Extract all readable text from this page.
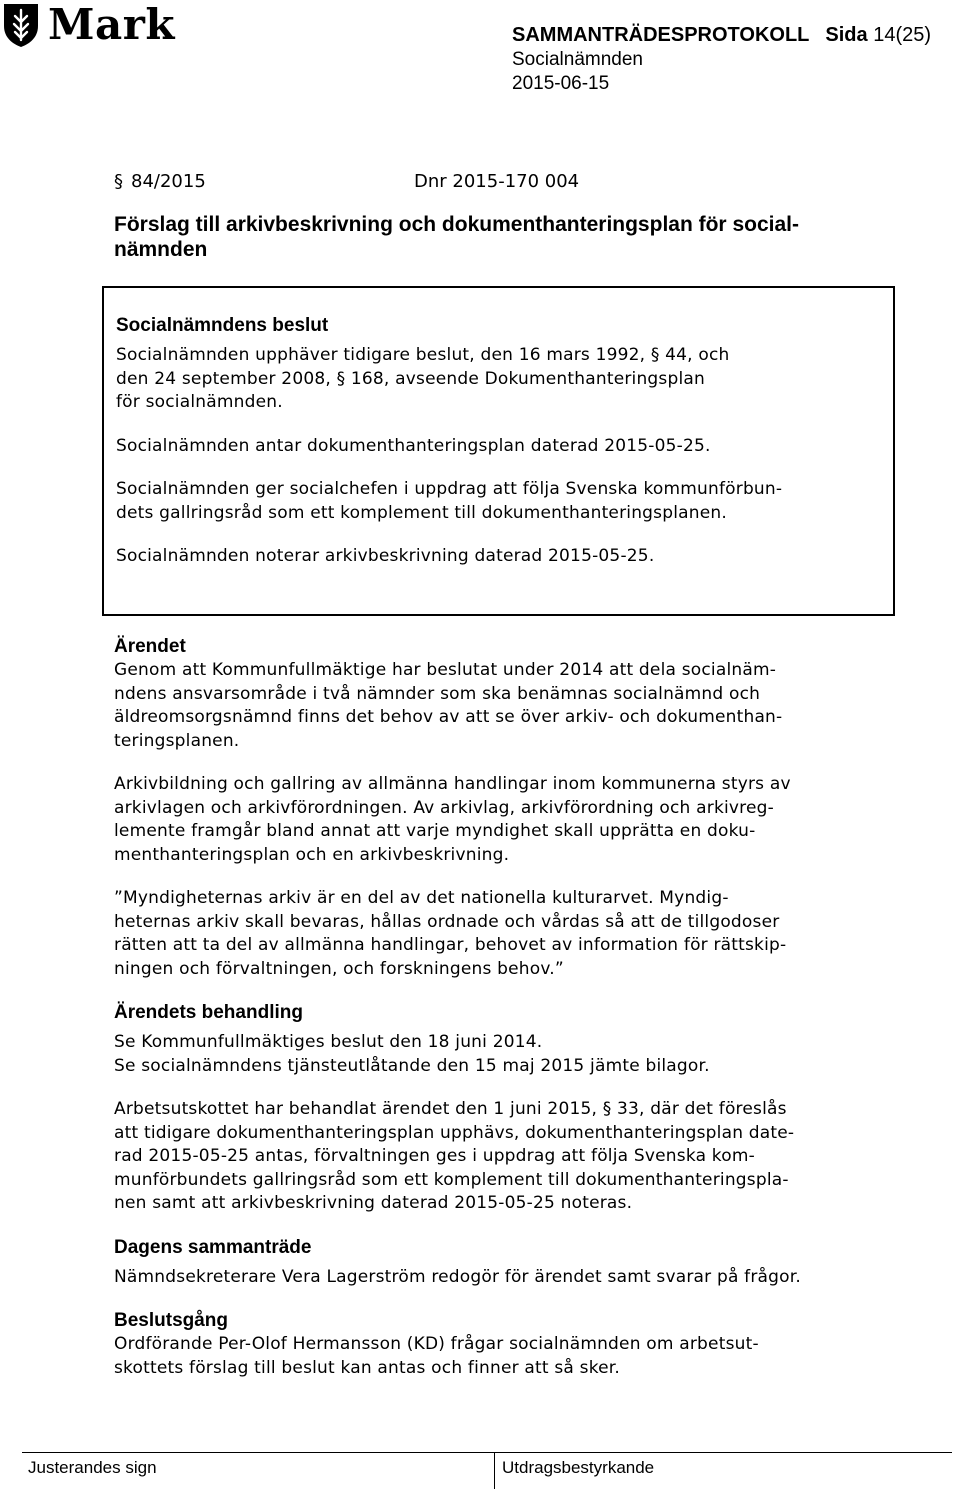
Mark	SAMMANTRÄDESPROTOKOLL Sida 14(25)
Socialnämnden
2015-06-15
§ 84/2015	Dnr 2015-170 004
Förslag till arkivbeskrivning och dokumenthanteringsplan för social-
nämnden
Socialnämndens beslut
Socialnämnden upphäver tidigare beslut, den 16 mars 1992, § 44, och
den 24 september 2008, § 168, avseende Dokumenthanteringsplan
för socialnämnden.
Socialnämnden antar dokumenthanteringsplan daterad 2015-05-25.
Socialnämnden ger socialchefen i uppdrag att följa Svenska kommunförbun-
dets gallringsråd som ett komplement till dokumenthanteringsplanen.
Socialnämnden noterar arkivbeskrivning daterad 2015-05-25.
Ärendet
Genom att Kommunfullmäktige har beslutat under 2014 att dela socialnäm-
ndens ansvarsområde i två nämnder som ska benämnas socialnämnd och
äldreomsorgsnämnd finns det behov av att se över arkiv- och dokumenthan-
teringsplanen.
Arkivbildning och gallring av allmänna handlingar inom kommunerna styrs av
arkivlagen och arkivförordningen. Av arkivlag, arkivförordning och arkivreg-
lemente framgår bland annat att varje myndighet skall upprätta en doku-
menthanteringsplan och en arkivbeskrivning.
”Myndigheternas arkiv är en del av det nationella kulturarvet. Myndig-
heternas arkiv skall bevaras, hållas ordnade och vårdas så att de tillgodoser
rätten att ta del av allmänna handlingar, behovet av information för rättskip-
ningen och förvaltningen, och forskningens behov.”
Ärendets behandling
Se Kommunfullmäktiges beslut den 18 juni 2014.
Se socialnämndens tjänsteutlåtande den 15 maj 2015 jämte bilagor.
Arbetsutskottet har behandlat ärendet den 1 juni 2015, § 33, där det föreslås
att tidigare dokumenthanteringsplan upphävs, dokumenthanteringsplan date-
rad 2015-05-25 antas, förvaltningen ges i uppdrag att följa Svenska kom-
munförbundets gallringsråd som ett komplement till dokumenthanteringspla-
nen samt att arkivbeskrivning daterad 2015-05-25 noteras.
Dagens sammanträde
Nämndsekreterare Vera Lagerström redogör för ärendet samt svarar på frågor.
Beslutsgång
Ordförande Per-Olof Hermansson (KD) frågar socialnämnden om arbetsut-
skottets förslag till beslut kan antas och finner att så sker.
Justerandes sign	Utdragsbestyrkande
